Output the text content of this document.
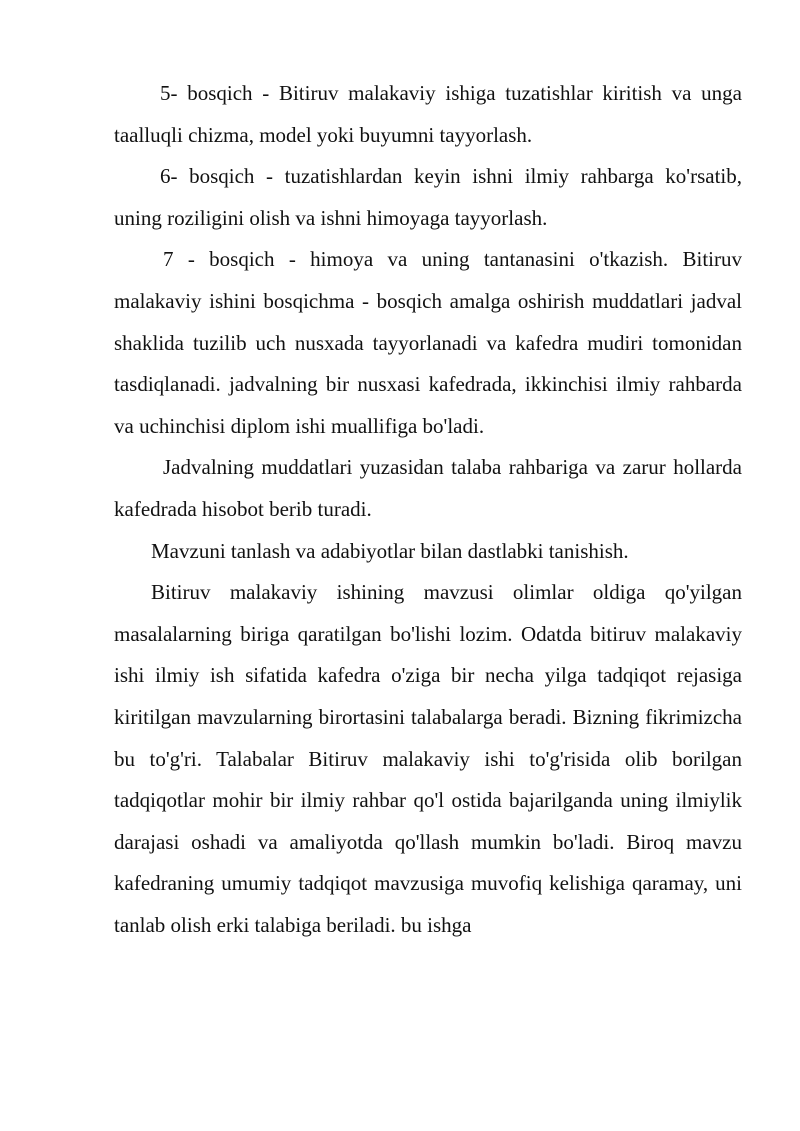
5- bosqich - Bitiruv malakaviy ishiga tuzatishlar kiritish va unga taalluqli chizma, model yoki buyumni tayyorlash.

6- bosqich - tuzatishlardan keyin ishni ilmiy rahbarga ko'rsatib, uning roziligini olish va ishni himoyaga tayyorlash.

7 - bosqich - himoya va uning tantanasini o'tkazish. Bitiruv malakaviy ishini bosqichma - bosqich amalga oshirish muddatlari jadval shaklida tuzilib uch nusxada tayyorlanadi va kafedra mudiri tomonidan tasdiqlanadi. jadvalning bir nusxasi kafedrada, ikkinchisi ilmiy rahbarda va uchinchisi diplom ishi muallifiga bo'ladi.

Jadvalning muddatlari yuzasidan talaba rahbariga va zarur hollarda kafedrada hisobot berib turadi.

Mavzuni tanlash va adabiyotlar bilan dastlabki tanishish.

Bitiruv malakaviy ishining mavzusi olimlar oldiga qo'yilgan masalalarning biriga qaratilgan bo'lishi lozim. Odatda bitiruv malakaviy ishi ilmiy ish sifatida kafedra o'ziga bir necha yilga tadqiqot rejasiga kiritilgan mavzularning birortasini talabalarga beradi. Bizning fikrimizcha bu to'g'ri. Talabalar Bitiruv malakaviy ishi to'g'risida olib borilgan tadqiqotlar mohir bir ilmiy rahbar qo'l ostida bajarilganda uning ilmiylik darajasi oshadi va amaliyotda qo'llash mumkin bo'ladi. Biroq mavzu kafedraning umumiy tadqiqot mavzusiga muvofiq kelishiga qaramay, uni tanlab olish erki talabiga beriladi. bu ishga
